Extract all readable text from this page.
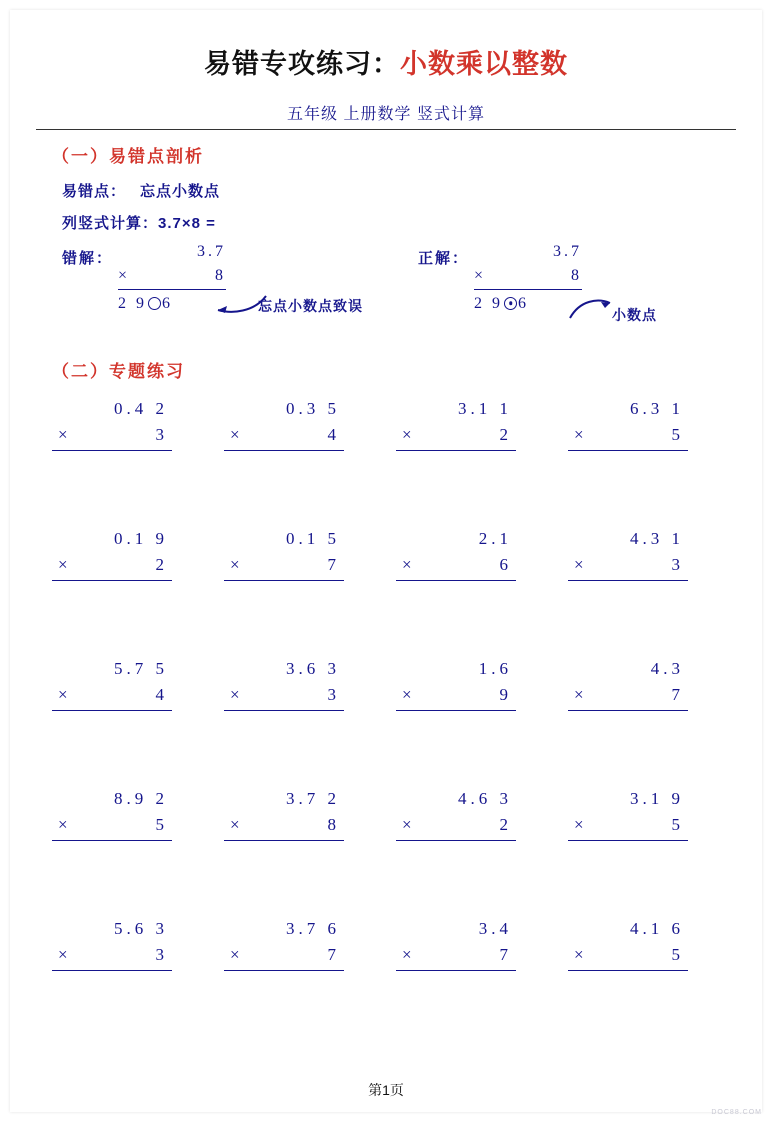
易错专攻练习：小数乘以整数
五年级 上册数学 竖式计算
（一）易错点剖析
易错点： 忘点小数点
列竖式计算：3.7×8 =
错解：	正解：
3.7
×	8
2 9 6
3.7
×	8
2 9 6
忘点小数点致误
小数点
（二）专题练习
0.4 2
×	3
0.3 5
×	4
3.1 1
×	2
6.3 1
×	5
0.1 9
×	2
0.1 5
×	7
2.1
×	6
4.3 1
×	3
5.7 5
×	4
3.6 3
×	3
1.6
×	9
4.3
×	7
8.9 2
×	5
3.7 2
×	8
4.6 3
×	2
3.1 9
×	5
5.6 3
×	3
3.7 6
×	7
3.4
×	7
4.1 6
×	5
第1页
DOC88.COM
